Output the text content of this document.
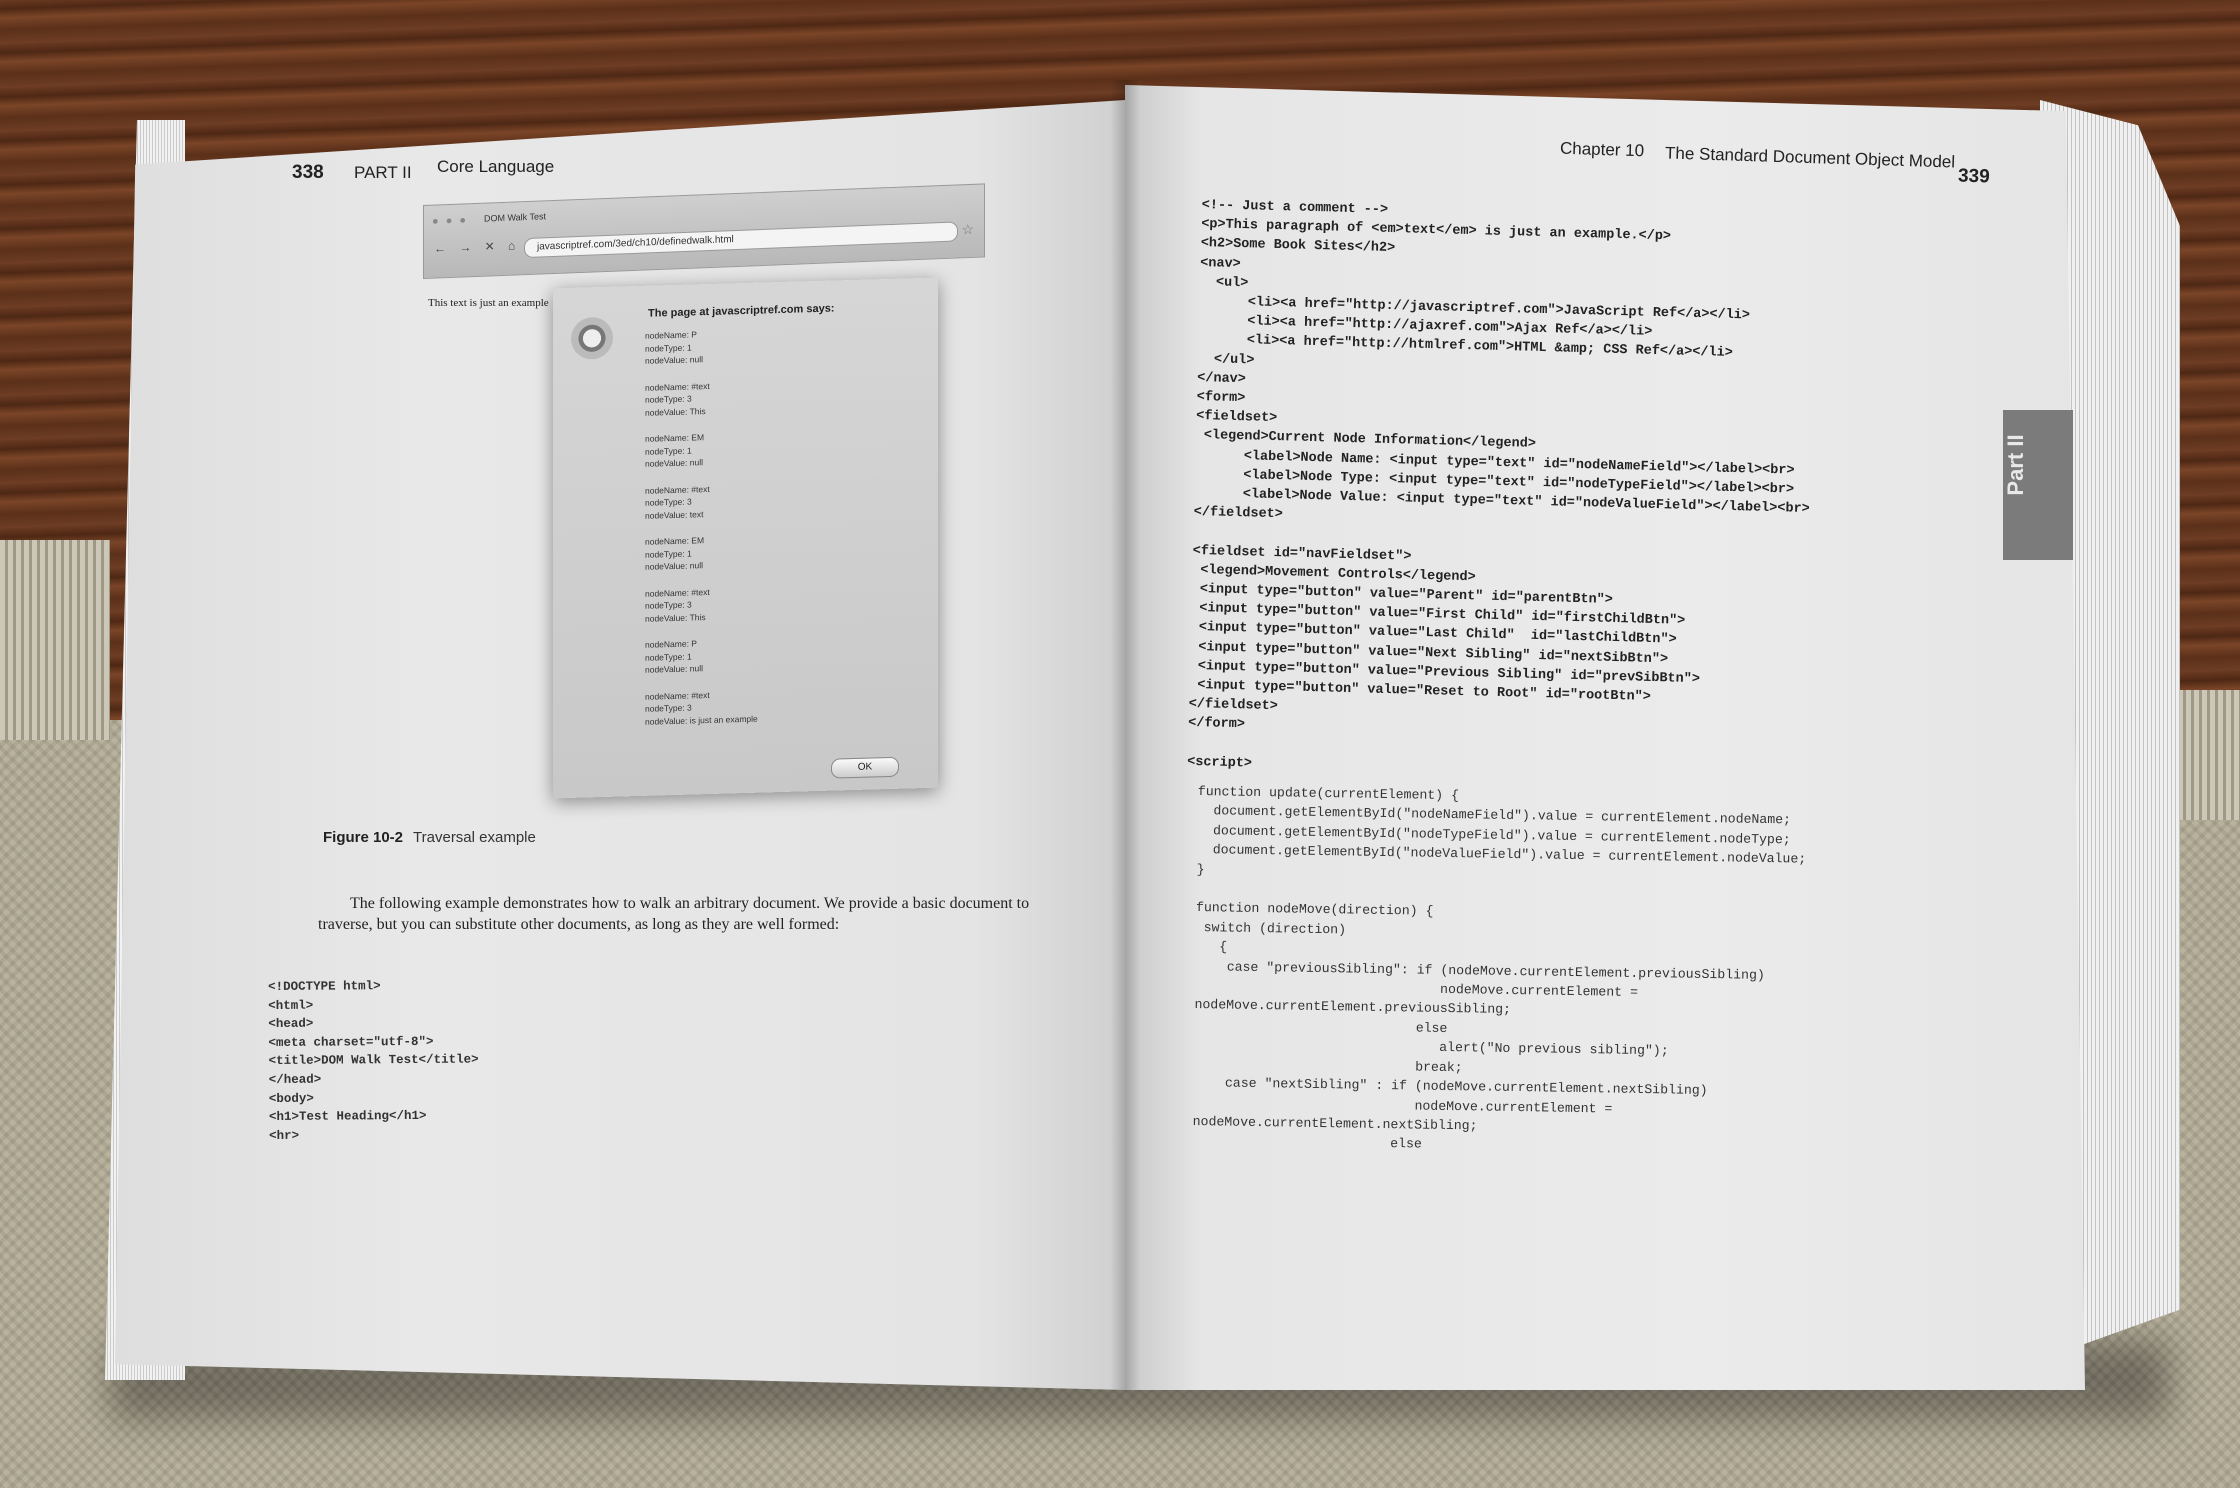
338 PART II Core Language
● ● ● DOM Walk Test
← → ✕ ⌂	javascriptref.com/3ed/ch10/definedwalk.html
☆
This text is just an example	The page at javascriptref.com says:
nodeName: P
nodeType: 1
nodeValue: null
nodeName: #text
nodeType: 3
nodeValue: This
nodeName: EM
nodeType: 1
nodeValue: null
nodeName: #text
nodeType: 3
nodeValue: text
nodeName: EM
nodeType: 1
nodeValue: null
nodeName: #text
nodeType: 3
nodeValue: This
nodeName: P
nodeType: 1
nodeValue: null
nodeName: #text
nodeType: 3
nodeValue: is just an example
OK
Figure 10-2 Traversal example
The following example demonstrates how to walk an arbitrary document. We provide a basic document to traverse, but you can substitute other documents, as long as they are well formed:
<!DOCTYPE html>
<html>
<head>
<meta charset="utf-8">
<title>DOM Walk Test</title>
</head>
<body>
<h1>Test Heading</h1>
<hr>
Chapter 10 The Standard Document Object Model
339
Part II
<!-- Just a comment -->
<p>This paragraph of <em>text</em> is just an example.</p>
<h2>Some Book Sites</h2>
<nav>
<ul>
<li><a href="http://javascriptref.com">JavaScript Ref</a></li>
<li><a href="http://ajaxref.com">Ajax Ref</a></li>
<li><a href="http://htmlref.com">HTML &amp; CSS Ref</a></li>
</ul>
</nav>
<form>
<fieldset>
<legend>Current Node Information</legend>
<label>Node Name: <input type="text" id="nodeNameField"></label><br>
<label>Node Type: <input type="text" id="nodeTypeField"></label><br>
<label>Node Value: <input type="text" id="nodeValueField"></label><br>
</fieldset>

<fieldset id="navFieldset">
<legend>Movement Controls</legend>
<input type="button" value="Parent" id="parentBtn">
<input type="button" value="First Child" id="firstChildBtn">
<input type="button" value="Last Child"  id="lastChildBtn">
<input type="button" value="Next Sibling" id="nextSibBtn">
<input type="button" value="Previous Sibling" id="prevSibBtn">
<input type="button" value="Reset to Root" id="rootBtn">
</fieldset>
</form>

<script>
function update(currentElement) {
document.getElementById("nodeNameField").value = currentElement.nodeName;
document.getElementById("nodeTypeField").value = currentElement.nodeType;
document.getElementById("nodeValueField").value = currentElement.nodeValue;
}

function nodeMove(direction) {
switch (direction)
{
case "previousSibling": if (nodeMove.currentElement.previousSibling)
nodeMove.currentElement =
nodeMove.currentElement.previousSibling;
else
alert("No previous sibling");
break;
case "nextSibling" : if (nodeMove.currentElement.nextSibling)
nodeMove.currentElement =
nodeMove.currentElement.nextSibling;
else
